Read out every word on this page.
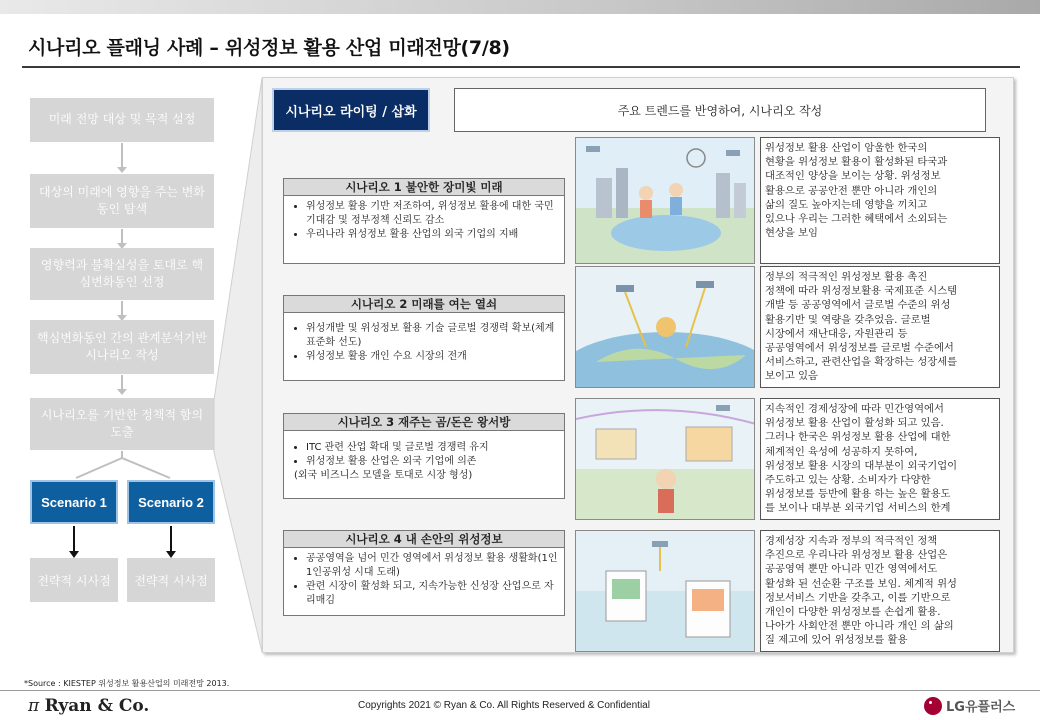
시나리오 플래닝 사례 – 위성정보 활용 산업 미래전망(7/8)
미래 전망 대상 및 목적 설정
대상의 미래에 영향을 주는 변화동인 탐색
영향력과 불확실성을 토대로 핵심변화동인 선정
핵심변화동인 간의 관계분석기반 시나리오 작성
시나리오를 기반한 정책적 함의 도출
Scenario 1	Scenario 2
전략적 시사점	전략적 시사점
시나리오 라이팅 / 삽화	주요 트렌드를 반영하여, 시나리오 작성
시나리오 1 불안한 장미빛 미래
• 위성정보 활용 기반 저조하여, 위성정보 활용에 대한 국민 기대감 및 정부정책 신뢰도 감소
• 우리나라 위성정보 활용 산업의 외국 기업의 지배
시나리오 2 미래를 여는 열쇠
• 위성개발 및 위성정보 활용 기술 글로벌 경쟁력 확보(체계 표준화 선도)
• 위성정보 활용 개인 수요 시장의 전개
시나리오 3 재주는 곰/돈은 왕서방
• ITC 관련 산업 확대 및 글로벌 경쟁력 유지
• 위성정보 활용 산업은 외국 기업에 의존
(외국 비즈니스 모델을 토대로 시장 형성)
시나리오 4 내 손안의 위성정보
• 공공영역을 넘어 민간 영역에서 위성정보 활용 생활화(1인 1인공위성 시대 도래)
• 관련 시장이 활성화 되고, 지속가능한 신성장 산업으로 자리매김
위성정보 활용 산업이 암울한 한국의
현황을 위성정보 활용이 활성화된 타국과
대조적인 양상을 보이는 상황. 위성정보
활용으로 공공안전 뿐만 아니라 개인의
삶의 질도 높아지는데 영향을 끼치고
있으나 우리는 그러한 혜택에서 소외되는
현상을 보임
정부의 적극적인 위성정보 활용 촉진
정책에 따라 위성정보활용 국제표준 시스템
개발 등 공공영역에서 글로벌 수준의 위성
활용기반 및 역량을 갖추었음. 글로벌
시장에서 재난대응, 자원관리 등
공공영역에서 위성정보를 글로벌 수준에서
서비스하고, 관련산업을 확장하는 성장세를
보이고 있음
지속적인 경제성장에 따라 민간영역에서
위성정보 활용 산업이 활성화 되고 있음.
그러나 한국은 위성정보 활용 산업에 대한
체계적인 육성에 성공하지 못하여,
위성정보 활용 시장의 대부분이 외국기업이
주도하고 있는 상황. 소비자가 다양한
위성정보를 등반에 활용 하는 높은 활용도
를 보이나 대부분 외국기업 서비스의 한계
경제성장 지속과 정부의 적극적인 정책
추진으로 우리나라 위성정보 활용 산업은
공공영역 뿐만 아니라 민간 영역에서도
활성화 된 선순환 구조를 보임. 체계적 위성
정보서비스 기반을 갖추고, 이를 기반으로
개인이 다양한 위성정보를 손쉽게 활용.
나아가 사회안전 뿐만 아니라 개인 의 삶의
질 제고에 있어 위성정보를 활용
*Source : KIESTEP 위성정보 활용산업의 미래전망 2013.
π Ryan & Co.	Copyrights 2021 © Ryan & Co. All Rights Reserved & Confidential	LG유플러스
